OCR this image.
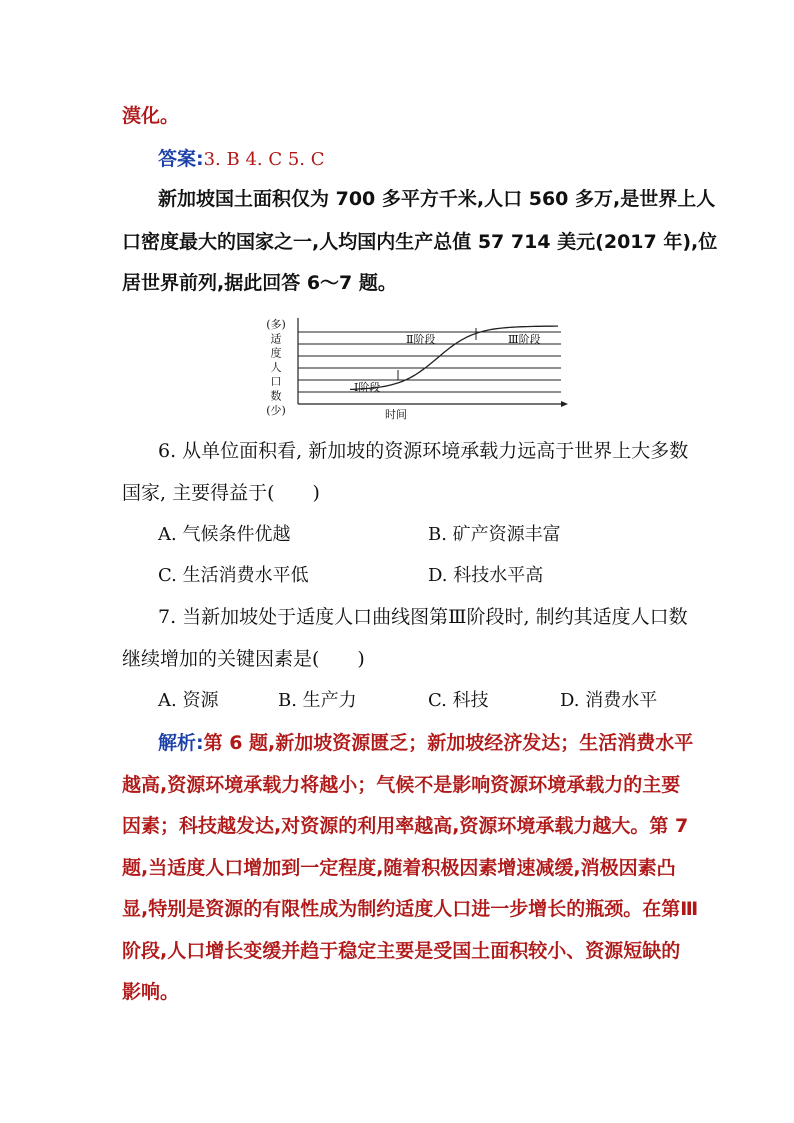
漠化。
答案:3. B 4. C 5. C
新加坡国土面积仅为 700 多平方千米,人口 560 多万,是世界上人
口密度最大的国家之一,人均国内生产总值 57 714 美元(2017 年),位
居世界前列,据此回答 6～7 题。
(多)
适
度
人
口
数
(少)
Ⅰ阶段
Ⅱ阶段	Ⅲ阶段
时间
6. 从单位面积看, 新加坡的资源环境承载力远高于世界上大多数
国家, 主要得益于(　　)
A. 气候条件优越	B. 矿产资源丰富
C. 生活消费水平低	D. 科技水平高
7. 当新加坡处于适度人口曲线图第Ⅲ阶段时, 制约其适度人口数
继续增加的关键因素是(　　)
A. 资源	B. 生产力	C. 科技	D. 消费水平
解析:第 6 题,新加坡资源匮乏；新加坡经济发达；生活消费水平
越高,资源环境承载力将越小；气候不是影响资源环境承载力的主要
因素；科技越发达,对资源的利用率越高,资源环境承载力越大。第 7
题,当适度人口增加到一定程度,随着积极因素增速减缓,消极因素凸
显,特别是资源的有限性成为制约适度人口进一步增长的瓶颈。在第Ⅲ
阶段,人口增长变缓并趋于稳定主要是受国土面积较小、资源短缺的
影响。
